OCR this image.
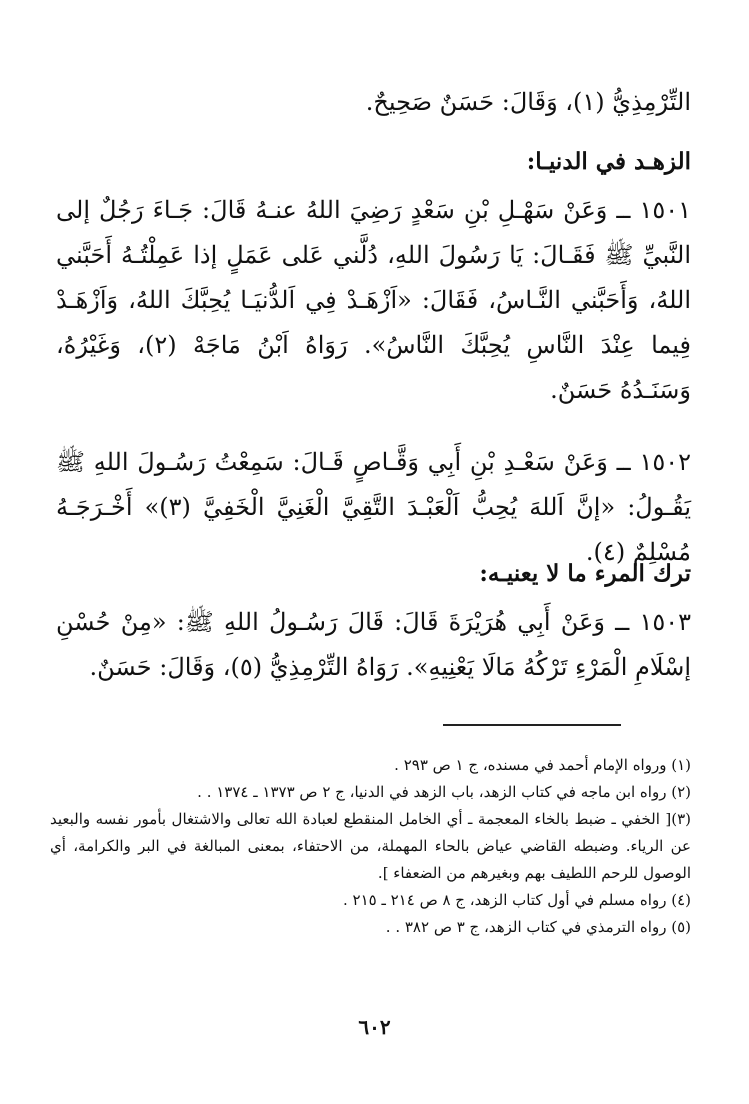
التِّرْمِذِيُّ (١)، وَقَالَ: حَسَنٌ صَحِيحٌ.

الزهـد في الدنيـا:

١٥٠١ ــ وَعَنْ سَهْـلِ بْنِ سَعْدٍ رَضِيَ اللهُ عنـهُ قَالَ: جَـاءَ رَجُلٌ إلى النَّبيِّ ﷺ فَقَـالَ: يَا رَسُولَ اللهِ، دُلَّني عَلى عَمَلٍ إذا عَمِلْتُـهُ أَحَبَّني اللهُ، وَأَحَبَّني النَّـاسُ، فَقَالَ: «اَزْهَـدْ فِي اَلدُّنيَـا يُحِبَّكَ اللهُ، وَاَزْهَـدْ فِيما عِنْدَ النَّاسِ يُحِبَّكَ النَّاسُ». رَوَاهُ اَبْنُ مَاجَهْ (٢)، وَغَيْرُهُ، وَسَنَـدُهُ حَسَنٌ.

١٥٠٢ ــ وَعَنْ سَعْـدِ بْنِ أَبِي وَقَّـاصٍ قَـالَ: سَمِعْتُ رَسُـولَ اللهِ ﷺ يَقُـولُ: «إنَّ اَللهَ يُحِبُّ اَلْعَبْـدَ التَّقِيَّ الْغَنِيَّ الْخَفِيَّ (٣)» أَخْـرَجَـهُ مُسْلِمٌ (٤).

ترك المرء ما لا يعنيـه:

١٥٠٣ ــ وَعَنْ أَبِي هُرَيْرَةَ قَالَ: قَالَ رَسُـولُ اللهِ ﷺ: «مِنْ حُسْنِ إسْلَامِ الْمَرْءِ تَرْكُهُ مَالَا يَعْنِيهِ». رَوَاهُ التِّرْمِذِيُّ (٥)، وَقَالَ: حَسَنٌ.

(١) ورواه الإمام أحمد في مسنده، ج ١ ص ٢٩٣ .

(٢) رواه ابن ماجه في كتاب الزهد، باب الزهد في الدنيا، ج ٢ ص ١٣٧٣ ـ ١٣٧٤ . .

(٣)[ الخفي ـ ضبط بالخاء المعجمة ـ أي الخامل المنقطع لعبادة الله تعالى والاشتغال بأمور نفسه والبعيد عن الرياء. وضبطه القاضي عياض بالحاء المهملة، من الاحتفاء، بمعنى المبالغة في البر والكرامة، أي الوصول للرحم اللطيف بهم وبغيرهم من الضعفاء ].

(٤) رواه مسلم في أول كتاب الزهد، ج ٨ ص ٢١٤ ـ ٢١٥ .

(٥) رواه الترمذي في كتاب الزهد، ج ٣ ص ٣٨٢ . .

٦٠٢
